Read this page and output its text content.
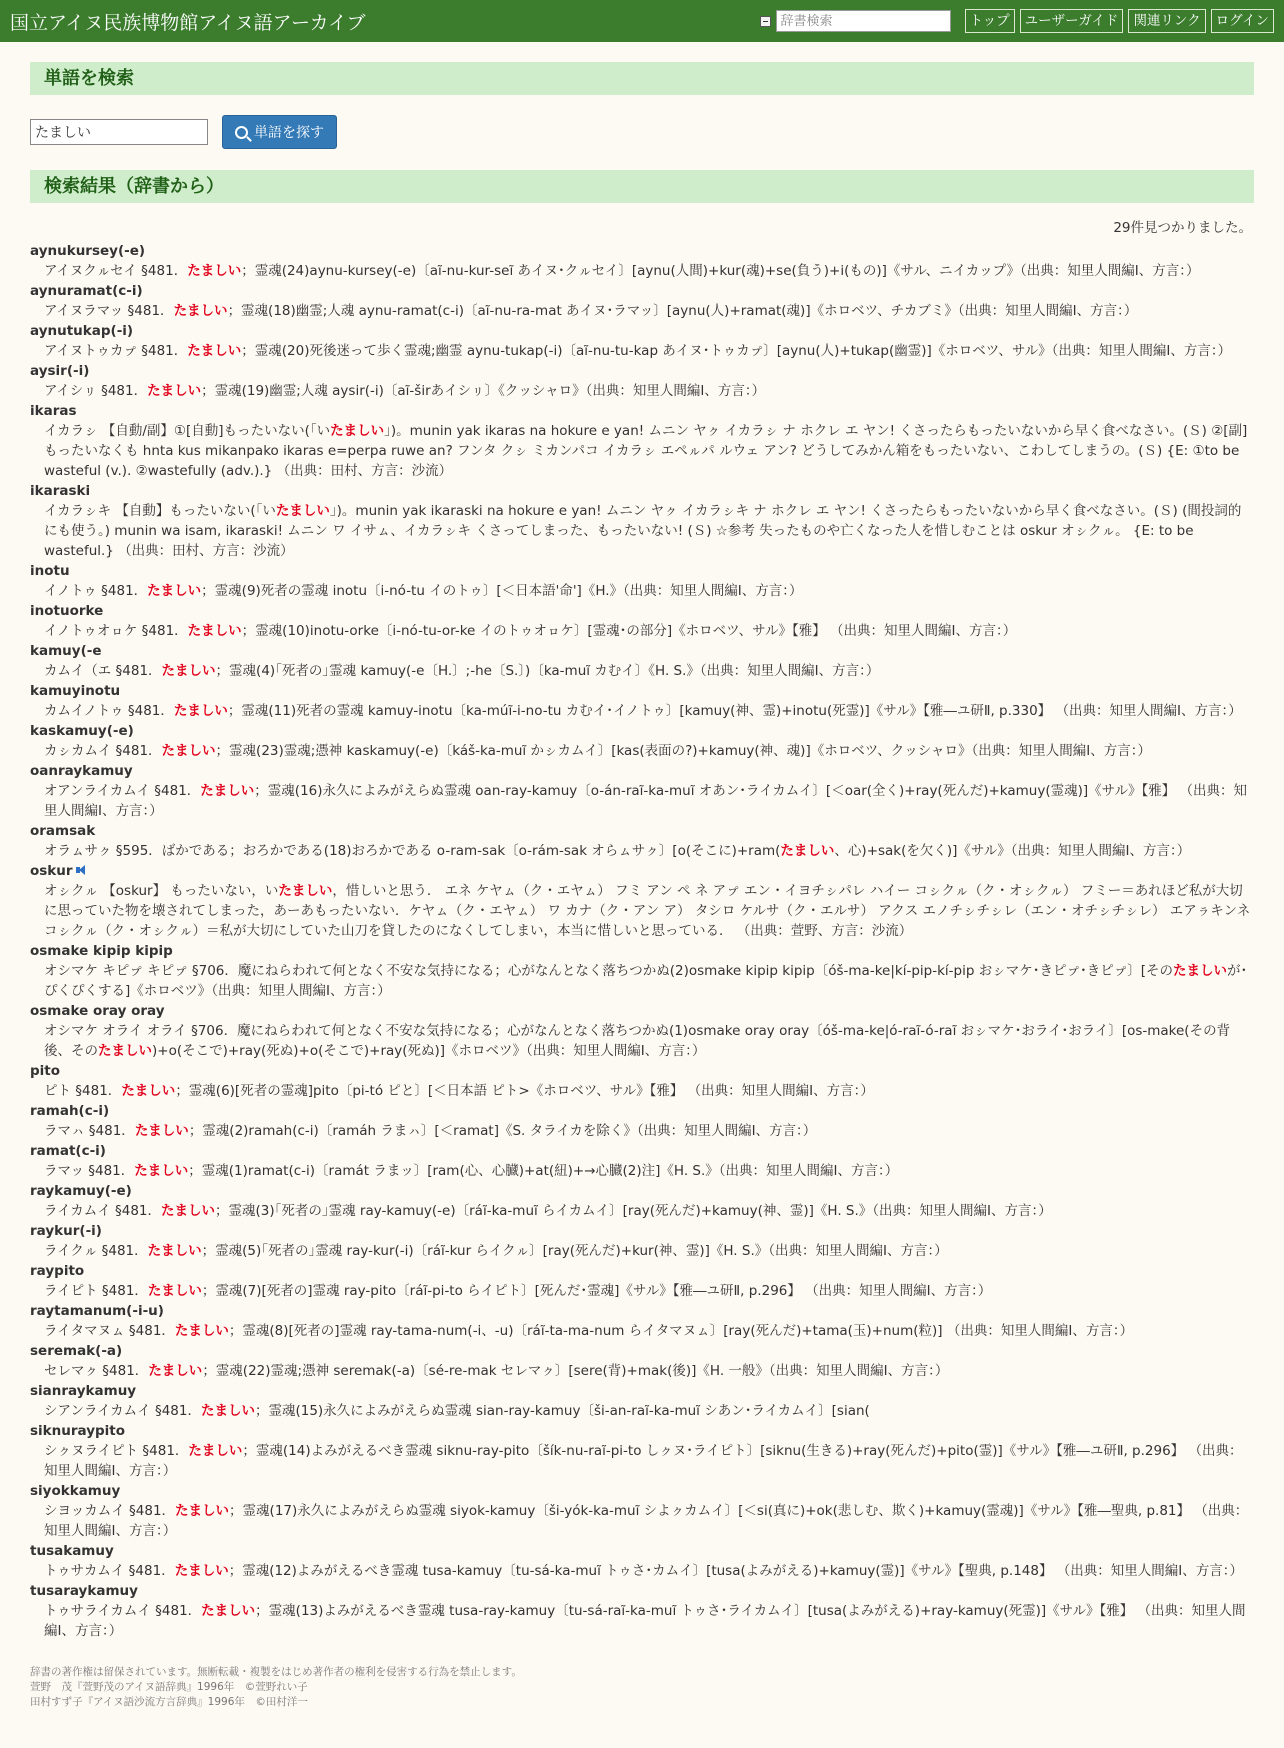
国立アイヌ民族博物館アイヌ語アーカイブ
辞書検索	トップ	ユーザーガイド	関連リンク	ログイン
単語を検索
たましい
単語を探す
検索結果（辞書から）
29件見つかりました。
aynukursey(-e)
アイヌクㇽセイ §481．たましい；霊魂(24)aynu-kursey(-e)〔aĩ-nu-kur-seĩ あイヌ･クㇽセイ〕[aynu(人間)+kur(魂)+se(負う)+i(もの)]《サル、ニイカップ》（出典：知里人間編I、方言：）
aynuramat(c-i)
アイヌラマッ §481．たましい；霊魂(18)幽霊;人魂 aynu-ramat(c-i)〔aĩ-nu-ra-mat あイヌ･ラマッ〕[aynu(人)+ramat(魂)]《ホロベツ、チカブミ》（出典：知里人間編I、方言：）
aynutukap(-i)
アイヌトゥカㇷ゚ §481．たましい；霊魂(20)死後迷って歩く霊魂;幽霊 aynu-tukap(-i)〔aĩ-nu-tu-kap あイヌ･トゥカㇷ゚〕[aynu(人)+tukap(幽霊)]《ホロベツ、サル》（出典：知里人間編I、方言：）
aysir(-i)
アイシㇼ §481．たましい；霊魂(19)幽霊;人魂 aysir(-i)〔aĩ-širあイシㇼ〕《クッシャロ》（出典：知里人間編I、方言：）
ikaras
イカラㇱ 【自動/副】①[自動]もったいない(｢いたましい｣)。munin yak ikaras na hokure e yan! ムニン ヤㇰ イカラㇱ ナ ホクレ エ ヤン! くさったらもったいないから早く食べなさい。(Ｓ) ②[副]もったいなくも hnta kus mikanpako ikaras e=perpa ruwe an? フンタ クㇱ ミカンパコ イカラㇱ エペㇽパ ルウェ アン? どうしてみかん箱をもったいない、こわしてしまうの。(Ｓ) {E: ①to be wasteful (v.). ②wastefully (adv.).} （出典：田村、方言：沙流）
ikaraski
イカラㇱキ 【自動】もったいない(｢いたましい｣)。munin yak ikaraski na hokure e yan! ムニン ヤㇰ イカラㇱキ ナ ホクレ エ ヤン! くさったらもったいないから早く食べなさい。(Ｓ) (間投詞的にも使う。) munin wa isam, ikaraski! ムニン ワ イサㇺ、イカラㇱキ くさってしまった、もったいない! (Ｓ) ☆参考 失ったものや亡くなった人を惜しむことは oskur オㇱクㇽ。 {E: to be wasteful.} （出典：田村、方言：沙流）
inotu
イノトゥ §481．たましい；霊魂(9)死者の霊魂 inotu〔i-nó-tu イのトゥ〕[＜日本語'命']《H.》（出典：知里人間編I、方言：）
inotuorke
イノトゥオㇿケ §481．たましい；霊魂(10)inotu-orke〔i-nó-tu-or-ke イのトゥオㇿケ〕[霊魂･の部分]《ホロベツ、サル》【雅】 （出典：知里人間編I、方言：）
kamuy(-e
カムイ（エ §481．たましい；霊魂(4)｢死者の｣霊魂 kamuy(-e〔H.〕;-he〔S.〕)〔ka-muĩ カむイ〕《H. S.》（出典：知里人間編I、方言：）
kamuyinotu
カムイノトゥ §481．たましい；霊魂(11)死者の霊魂 kamuy-inotu〔ka-múĩ-i-no-tu カむイ･イノトゥ〕[kamuy(神、霊)+inotu(死霊)]《サル》【雅―ユ研Ⅱ, p.330】 （出典：知里人間編I、方言：）
kaskamuy(-e)
カㇱカムイ §481．たましい；霊魂(23)霊魂;憑神 kaskamuy(-e)〔káš-ka-muĩ かㇱカムイ〕[kas(表面の?)+kamuy(神、魂)]《ホロベツ、クッシャロ》（出典：知里人間編I、方言：）
oanraykamuy
オアンライカムイ §481．たましい；霊魂(16)永久によみがえらぬ霊魂 oan-ray-kamuy〔o-án-raĩ-ka-muĩ オあン･ライカムイ〕[＜oar(全く)+ray(死んだ)+kamuy(霊魂)]《サル》【雅】 （出典：知里人間編I、方言：）
oramsak
オラㇺサㇰ §595．ばかである；おろかである(18)おろかである o-ram-sak〔o-rám-sak オらㇺサㇰ〕[o(そこに)+ram(たましい、心)+sak(を欠く)]《サル》（出典：知里人間編I、方言：）
oskur
オㇱクㇽ 【oskur】 もったいない，いたましい，惜しいと思う． エネ ケヤㇺ（ク・エヤㇺ） フミ アン ペ ネ アㇷ゚ エン・イヨチㇱパレ ハイー コㇱクㇽ（ク・オㇱクㇽ） フミー＝あれほど私が大切に思っていた物を壊されてしまった，あーあもったいない．ケヤㇺ（ク・エヤㇺ） ワ カナ（ク・アン ア） タシロ ケルサ（ク・エルサ） アクス エノチㇱチㇱレ（エン・オチㇱチㇱレ） エアㇻキンネ コㇱクㇽ（ク・オㇱクㇽ）＝私が大切にしていた山刀を貸したのになくしてしまい，本当に惜しいと思っている． （出典：萱野、方言：沙流）
osmake kipip kipip
オシマケ キピㇷ゚ キピㇷ゚ §706．魔にねらわれて何となく不安な気持になる；心がなんとなく落ちつかぬ(2)osmake kipip kipip〔óš-ma-ke|kí-pip-kí-pip おㇱマケ･きピㇷ゚･きピㇷ゚〕[そのたましいが･ぴくぴくする]《ホロベツ》（出典：知里人間編I、方言：）
osmake oray oray
オシマケ オライ オライ §706．魔にねらわれて何となく不安な気持になる；心がなんとなく落ちつかぬ(1)osmake oray oray〔óš-ma-ke|ó-raĩ-ó-raĩ おㇱマケ･おライ･おライ〕[os-make(その背後、そのたましい)+o(そこで)+ray(死ぬ)+o(そこで)+ray(死ぬ)]《ホロベツ》（出典：知里人間編I、方言：）
pito
ピト §481．たましい；霊魂(6)[死者の霊魂]pito〔pi-tó ピと〕[＜日本語 ピト>《ホロベツ、サル》【雅】 （出典：知里人間編I、方言：）
ramah(c-i)
ラマㇵ §481．たましい；霊魂(2)ramah(c-i)〔ramáh ラまㇵ〕[＜ramat]《S. タライカを除く》（出典：知里人間編I、方言：）
ramat(c-i)
ラマッ §481．たましい；霊魂(1)ramat(c-i)〔ramát ラまッ〕[ram(心、心臓)+at(紐)+→心臓(2)注]《H. S.》（出典：知里人間編I、方言：）
raykamuy(-e)
ライカムイ §481．たましい；霊魂(3)｢死者の｣霊魂 ray-kamuy(-e)〔ráĩ-ka-muĩ らイカムイ〕[ray(死んだ)+kamuy(神、霊)]《H. S.》（出典：知里人間編I、方言：）
raykur(-i)
ライクㇽ §481．たましい；霊魂(5)｢死者の｣霊魂 ray-kur(-i)〔ráĩ-kur らイクㇽ〕[ray(死んだ)+kur(神、霊)]《H. S.》（出典：知里人間編I、方言：）
raypito
ライピト §481．たましい；霊魂(7)[死者の]霊魂 ray-pito〔ráĩ-pi-to らイピト〕[死んだ･霊魂]《サル》【雅―ユ研Ⅱ, p.296】 （出典：知里人間編I、方言：）
raytamanum(-i-u)
ライタマヌㇺ §481．たましい；霊魂(8)[死者の]霊魂 ray-tama-num(-i、-u)〔ráĩ-ta-ma-num らイタマヌㇺ〕[ray(死んだ)+tama(玉)+num(粒)] （出典：知里人間編I、方言：）
seremak(-a)
セレマㇰ §481．たましい；霊魂(22)霊魂;憑神 seremak(-a)〔sé-re-mak セレマㇰ〕[sere(背)+mak(後)]《H. 一般》（出典：知里人間編I、方言：）
sianraykamuy
シアンライカムイ §481．たましい；霊魂(15)永久によみがえらぬ霊魂 sian-ray-kamuy〔ši-an-raĩ-ka-muĩ シあン･ライカムイ〕[sian(
siknuraypito
シㇰヌライピト §481．たましい；霊魂(14)よみがえるべき霊魂 siknu-ray-pito〔šík-nu-raĩ-pi-to しㇰヌ･ライピト〕[siknu(生きる)+ray(死んだ)+pito(霊)]《サル》【雅―ユ研Ⅱ, p.296】 （出典：知里人間編I、方言：）
siyokkamuy
シヨッカムイ §481．たましい；霊魂(17)永久によみがえらぬ霊魂 siyok-kamuy〔ši-yók-ka-muĩ シよㇰカムイ〕[＜si(真に)+ok(悲しむ、欺く)+kamuy(霊魂)]《サル》【雅―聖典, p.81】 （出典：知里人間編I、方言：）
tusakamuy
トゥサカムイ §481．たましい；霊魂(12)よみがえるべき霊魂 tusa-kamuy〔tu-sá-ka-muĩ トゥさ･カムイ〕[tusa(よみがえる)+kamuy(霊)]《サル》【聖典, p.148】 （出典：知里人間編I、方言：）
tusaraykamuy
トゥサライカムイ §481．たましい；霊魂(13)よみがえるべき霊魂 tusa-ray-kamuy〔tu-sá-raĩ-ka-muĩ トゥさ･ライカムイ〕[tusa(よみがえる)+ray-kamuy(死霊)]《サル》【雅】 （出典：知里人間編I、方言：）
辞書の著作権は留保されています。無断転載・複製をはじめ著作者の権利を侵害する行為を禁止します。
萱野　茂『萱野茂のアイヌ語辞典』1996年　©萱野れい子
田村すず子『アイヌ語沙流方言辞典』1996年　©田村洋一
